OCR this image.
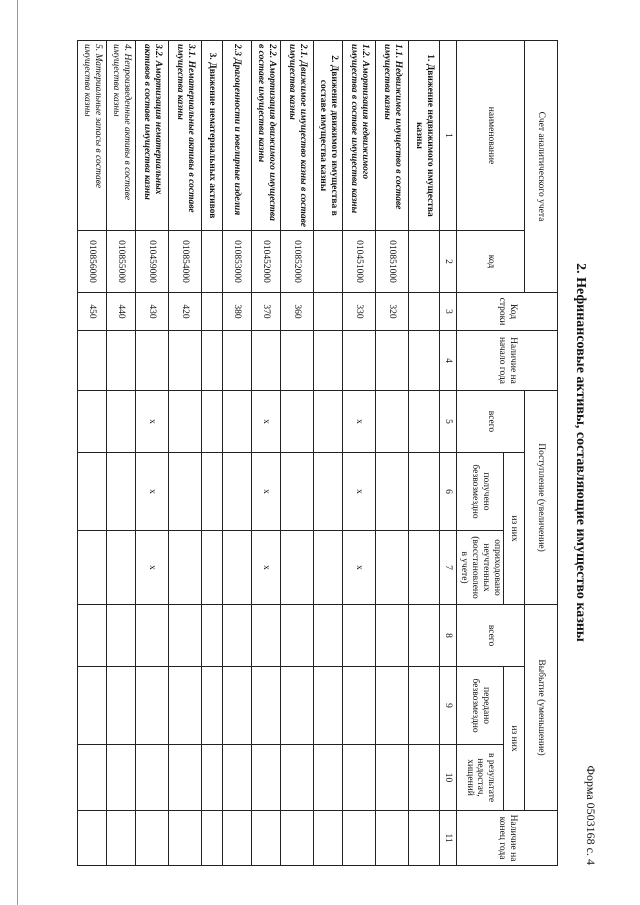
Форма 0503168 с. 4
2. Нефинансовые активы, составляющие имущество казны
Счет аналитического учета		Код строки	Наличие на начало года	Поступление (увеличение)			Выбытие (уменьшение)			Наличие на конец года
наименование	код			всего	из них		всего	из них		
					получено безвозмездно	оприходовано неучтенных (восстановлено в учете)		передано безвозмездно	в результате недостач, хищений	
1	2	3	4	5	6	7	8	9	10	11
1. Движение недвижимого имущества казны										
1.1. Недвижимое имущество в составе имущества казны	010851000	320								
1.2. Амортизация недвижимого имущества в составе имущества казны	010451000	330		х	х	х				
2. Движение движимого имущества в составе имущества казны										
2.1. Движимое имущество казны в составе имущества казны	010852000	360								
2.2. Амортизация движимого имущества в составе имущества казны	010452000	370		х	х	х				
2.3 Драгоценности и ювелирные изделия	010853000	380								
3. Движение нематериальных активов										
3.1. Нематериальные активы в составе имущества казны	010854000	420								
3.2. Амортизация нематериальных активов в составе имущества казны	010459000	430		х	х	х				
4. Непроизведенные активы в составе имущества казны	010855000	440								
5. Материальные запасы в составе имущества казны	010856000	450								
